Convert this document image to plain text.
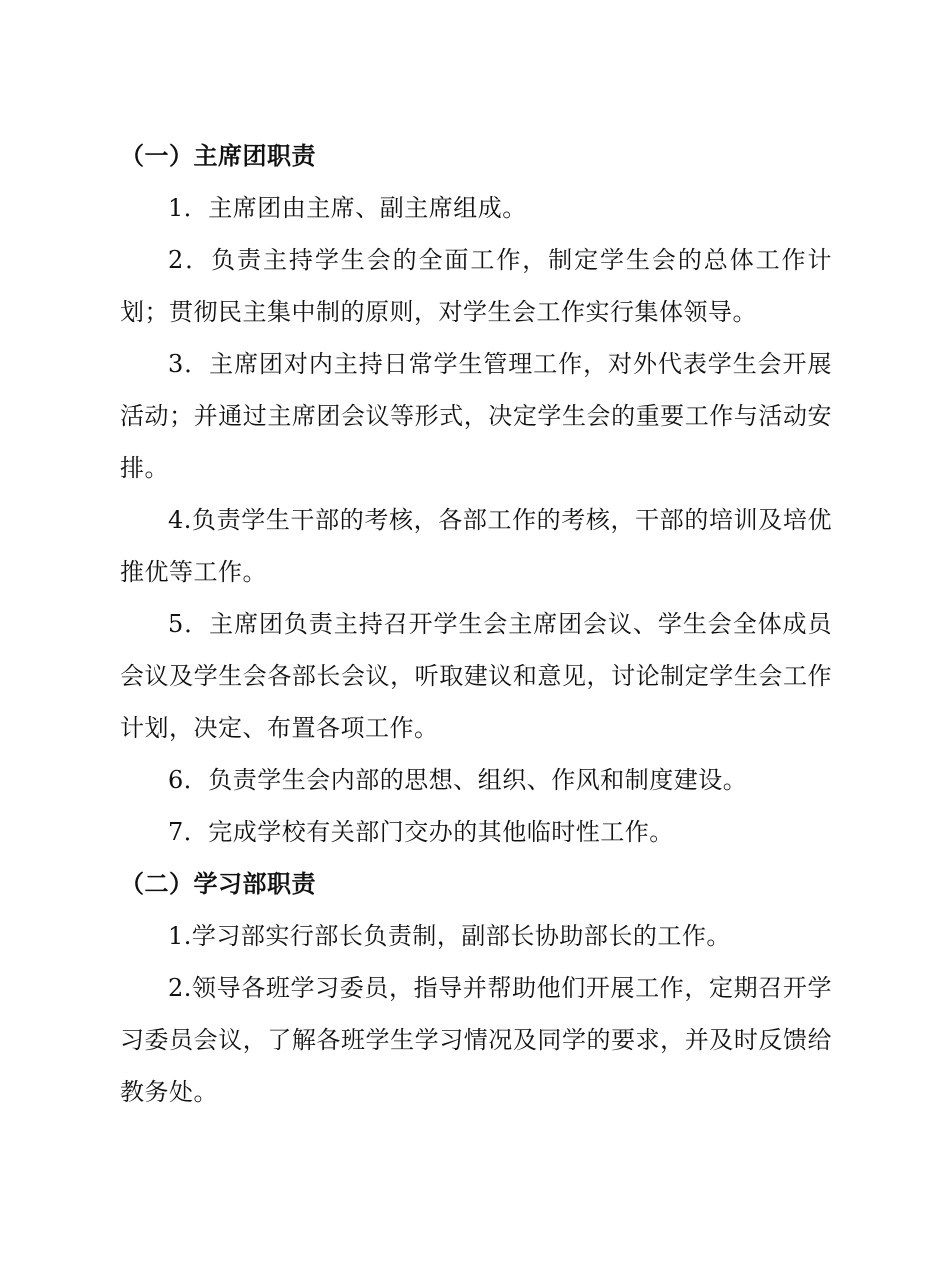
（一）主席团职责

1．主席团由主席、副主席组成。

2．负责主持学生会的全面工作，制定学生会的总体工作计划；贯彻民主集中制的原则，对学生会工作实行集体领导。

3．主席团对内主持日常学生管理工作，对外代表学生会开展活动；并通过主席团会议等形式，决定学生会的重要工作与活动安排。

4.负责学生干部的考核，各部工作的考核，干部的培训及培优推优等工作。

5．主席团负责主持召开学生会主席团会议、学生会全体成员会议及学生会各部长会议，听取建议和意见，讨论制定学生会工作计划，决定、布置各项工作。

6．负责学生会内部的思想、组织、作风和制度建设。

7．完成学校有关部门交办的其他临时性工作。

（二）学习部职责

1.学习部实行部长负责制，副部长协助部长的工作。

2.领导各班学习委员，指导并帮助他们开展工作，定期召开学习委员会议，了解各班学生学习情况及同学的要求，并及时反馈给教务处。
